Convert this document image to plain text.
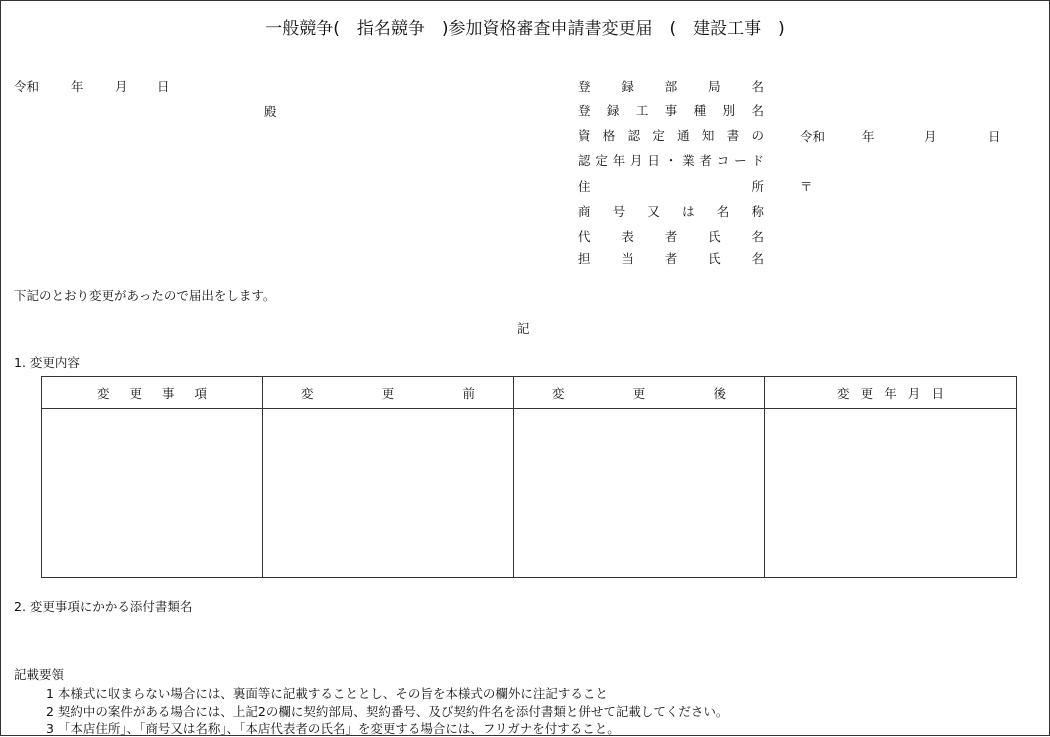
一般競争(　指名競争　)参加資格審査申請書変更届　(　建設工事　)
令和	年	月 日
殿
登 録 部 局 名
登 録 工 事 種 別 名
資 格 認 定 通 知 書 の
認 定 年 月 日 ・ 業 者 コ ー ド
住	所
商 号 又 は 名 称
代 表 者 氏 名
担 当 者 氏 名
令和	年	月	日
〒
下記のとおり変更があったので届出をします。
記
1. 変更内容
変 更 事 項	変 更 前	変 更 後	変 更 年 月 日

2. 変更事項にかかる添付書類名
記載要領
1 本様式に収まらない場合には、裏面等に記載することとし、その旨を本様式の欄外に注記すること
2 契約中の案件がある場合には、上記2の欄に契約部局、契約番号、及び契約件名を添付書類と併せて記載してください。
3 「本店住所」、「商号又は名称」、「本店代表者の氏名」を変更する場合には、フリガナを付すること。
